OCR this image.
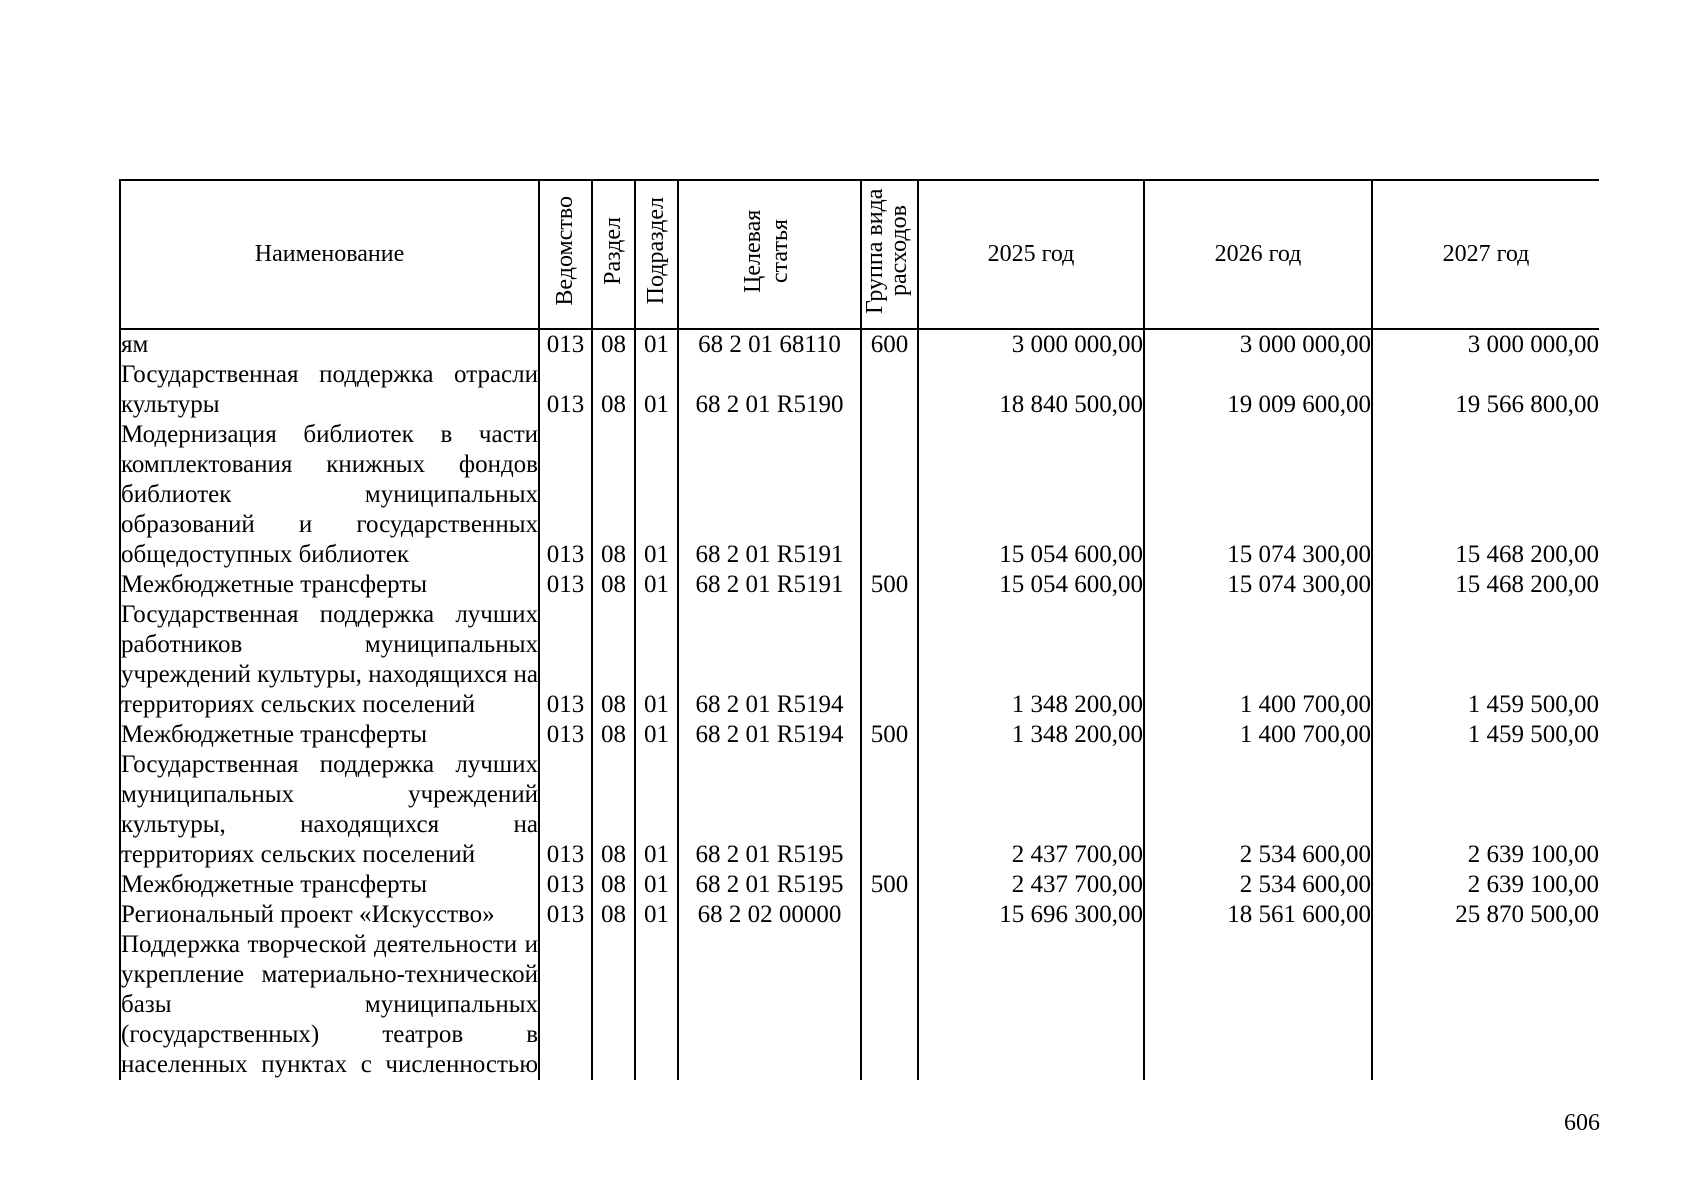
Наименование	Ведомство	Раздел	Подраздел	Целевая статья	Группа вида расходов	2025 год	2026 год	2027 год
ям	013	08	01	68 2 01 68110	600	3 000 000,00	3 000 000,00	3 000 000,00
Государственная поддержка отрасли культуры	013	08	01	68 2 01 R5190		18 840 500,00	19 009 600,00	19 566 800,00
Модернизация библиотек в части комплектования книжных фондов библиотек муниципальных образований и государственных общедоступных библиотек	013	08	01	68 2 01 R5191		15 054 600,00	15 074 300,00	15 468 200,00
Межбюджетные трансферты	013	08	01	68 2 01 R5191	500	15 054 600,00	15 074 300,00	15 468 200,00
Государственная поддержка лучших работников муниципальных учреждений культуры, находящихся на территориях сельских поселений	013	08	01	68 2 01 R5194		1 348 200,00	1 400 700,00	1 459 500,00
Межбюджетные трансферты	013	08	01	68 2 01 R5194	500	1 348 200,00	1 400 700,00	1 459 500,00
Государственная поддержка лучших муниципальных учреждений культуры, находящихся на территориях сельских поселений	013	08	01	68 2 01 R5195		2 437 700,00	2 534 600,00	2 639 100,00
Межбюджетные трансферты	013	08	01	68 2 01 R5195	500	2 437 700,00	2 534 600,00	2 639 100,00
Региональный проект «Искусство»	013	08	01	68 2 02 00000		15 696 300,00	18 561 600,00	25 870 500,00
Поддержка творческой деятельности и укрепление материально-технической базы муниципальных (государственных) театров в населенных пунктах с численностью								
606
